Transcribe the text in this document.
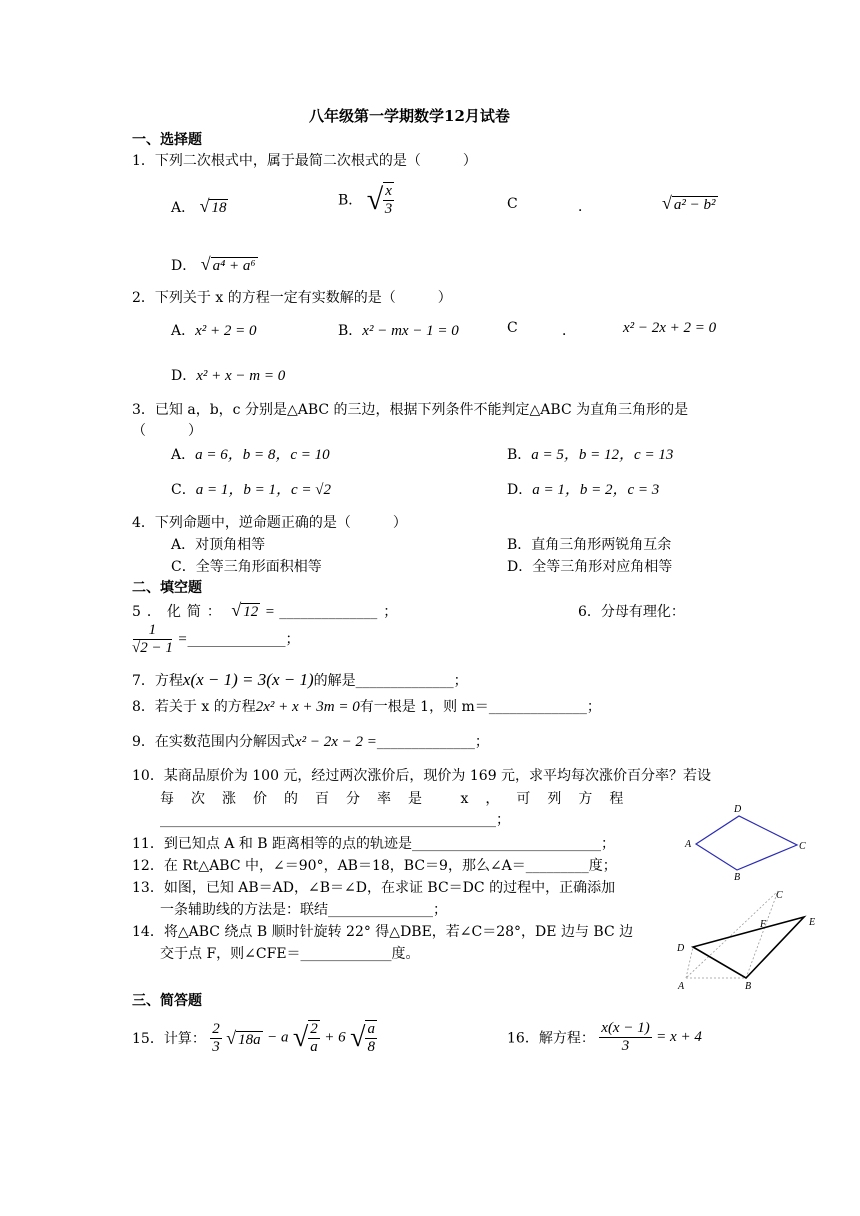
八年级第一学期数学12月试卷
一、选择题
1．下列二次根式中，属于最简二次根式的是（　　　）
A． √ 18	B． √ $\frac{x}{3}$	C	．	√ a² − b²
D． √ a⁴ + a⁶
2．下列关于 x 的方程一定有实数解的是（　　　）
A．x² + 2 = 0	B．x² − mx − 1 = 0	C	．	x² − 2x + 2 = 0
D．x² + x − m = 0
3．已知 a，b，c 分别是△ABC 的三边，根据下列条件不能判定△ABC 为直角三角形的是
（　　　）
A．a = 6，b = 8，c = 10	B．a = 5，b = 12，c = 13
C．a = 1，b = 1，c = √2	D．a = 1，b = 2，c = 3
4．下列命题中，逆命题正确的是（　　　）
A．对顶角相等	B．直角三角形两锐角互余
C．全等三角形面积相等	D．全等三角形对应角相等
二、填空题
5．化简： √ 12 = ______________ ；	6．分母有理化：
$\frac{1}{√2 - 1}$ =______________；
7．方程x(x − 1) = 3(x − 1)的解是______________；
8．若关于 x 的方程2x² + x + 3m = 0有一根是 1，则 m＝______________；
9．在实数范围内分解因式x² − 2x − 2 =______________；
10．某商品原价为 100 元，经过两次涨价后，现价为 169 元，求平均每次涨价百分率？若设
每次涨价的百分率是 x，可列方程
________________________________________________；
11．到已知点 A 和 B 距离相等的点的轨迹是___________________________；
12．在 Rt△ABC 中，∠＝90°，AB＝18，BC＝9，那么∠A＝_________度；
13．如图，已知 AB＝AD，∠B＝∠D，在求证 BC＝DC 的过程中，正确添加
一条辅助线的方法是：联结_______________；
14．将△ABC 绕点 B 顺时针旋转 22° 得△DBE，若∠C＝28°，DE 边与 BC 边
交于点 F，则∠CFE＝_____________度。
三、简答题
15．计算： $\frac{2}{3}$ √ 18a − a √ $\frac{2}{a} + 6$ √ $\frac{a}{8}$	16．解方程： $\frac{x(x - 1)}{3} = x + 4$
D
A	C
B
C
E
F
D
A	B
